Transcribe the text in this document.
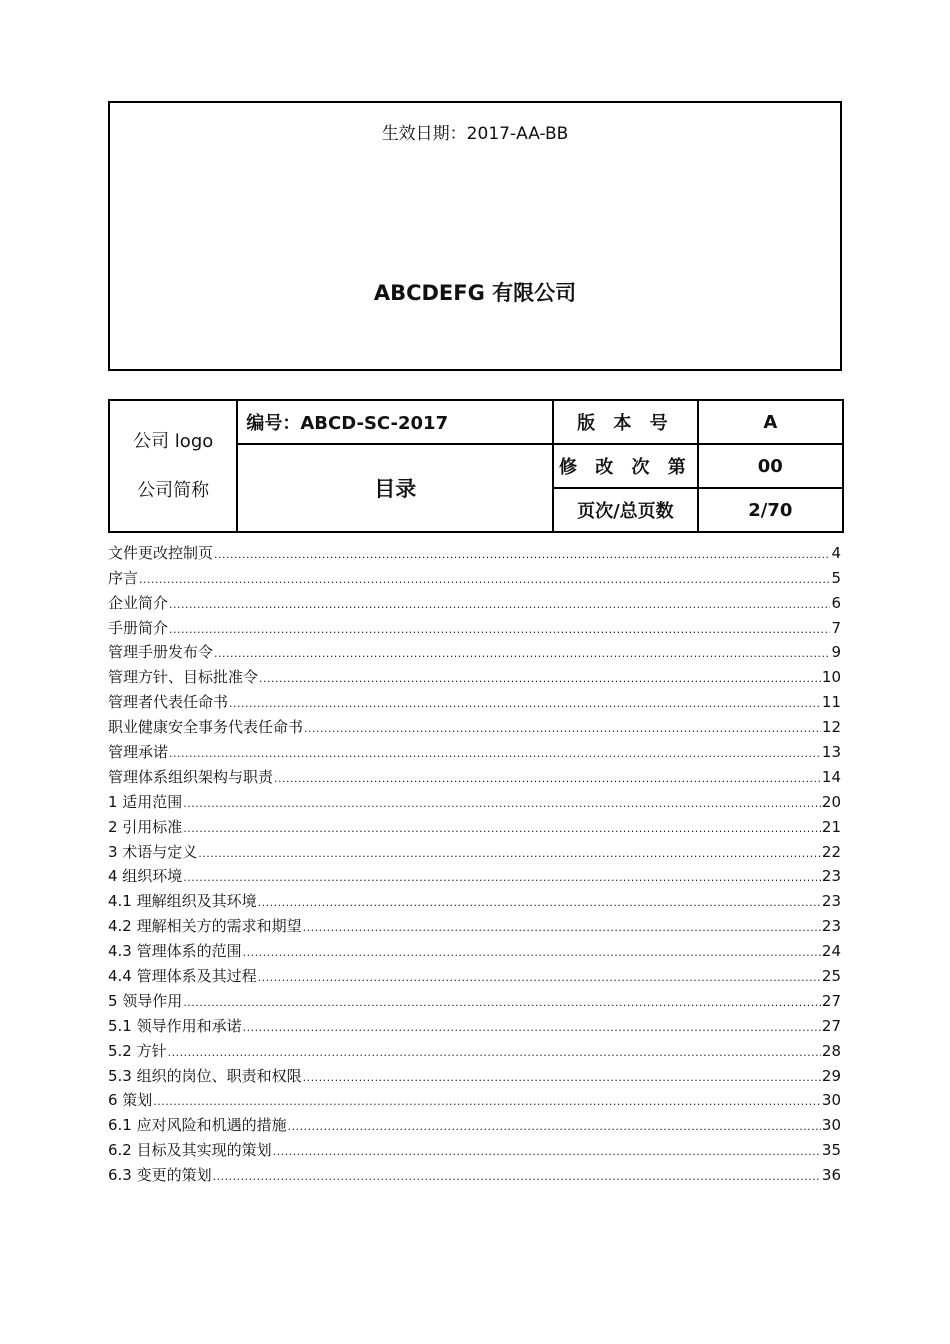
生效日期：2017-AA-BB
ABCDEFG 有限公司
公司 logo
公司简称	编号：ABCD-SC-2017	版 本 号	A
	目录	修 改 次 第	00
		页次/总页数	2/70
文件更改控制页 .....	4
序言 .....	5
企业简介 .....	6
手册简介 .....	7
管理手册发布令 .....	9
管理方针、目标批准令 .....	10
管理者代表任命书 .....	11
职业健康安全事务代表任命书 .....	12
管理承诺 .....	13
管理体系组织架构与职责 .....	14
1 适用范围 .....	20
2 引用标准 .....	21
3 术语与定义 .....	22
4 组织环境 .....	23
4.1 理解组织及其环境 .....	23
4.2 理解相关方的需求和期望 .....	23
4.3 管理体系的范围 .....	24
4.4 管理体系及其过程 .....	25
5 领导作用 .....	27
5.1 领导作用和承诺 .....	27
5.2 方针 .....	28
5.3 组织的岗位、职责和权限 .....	29
6 策划 .....	30
6.1 应对风险和机遇的措施 .....	30
6.2 目标及其实现的策划 .....	35
6.3 变更的策划 .....	36
